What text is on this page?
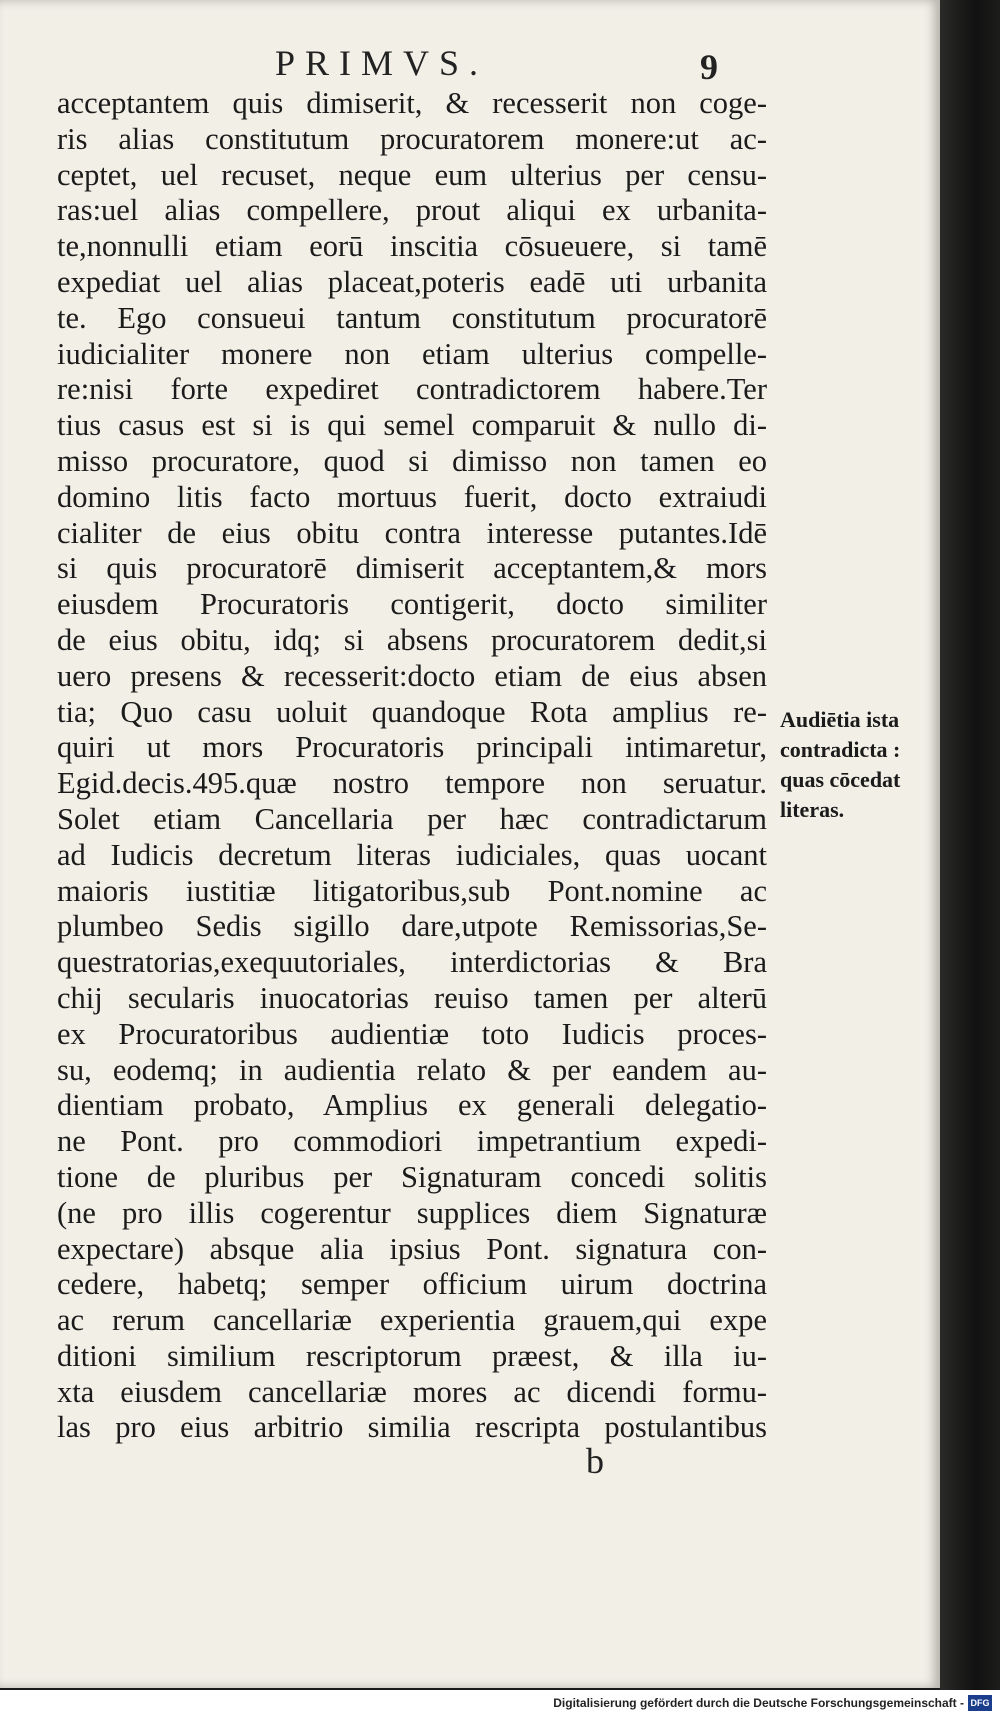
PRIMVS.	9
acceptantem quis dimiserit, & recesserit non coge-
ris alias constitutum procuratorem monere:ut ac-
ceptet, uel recuset, neque eum ulterius per censu-
ras:uel alias compellere, prout aliqui ex urbanita-
te,nonnulli etiam eorū inscitia cōsueuere, si tamē
expediat uel alias placeat,poteris eadē uti urbanita
te. Ego consueui tantum constitutum procuratorē
iudicialiter monere non etiam ulterius compelle-
re:nisi forte expediret contradictorem habere.Ter
tius casus est si is qui semel comparuit & nullo di-
misso procuratore, quod si dimisso non tamen eo
domino litis facto mortuus fuerit, docto extraiudi
cialiter de eius obitu contra interesse putantes.Idē
si quis procuratorē dimiserit acceptantem,& mors
eiusdem Procuratoris contigerit, docto similiter
de eius obitu, idq; si absens procuratorem dedit,si
uero presens & recesserit:docto etiam de eius absen
tia; Quo casu uoluit quandoque Rota amplius re-
quiri ut mors Procuratoris principali intimaretur,
Egid.decis.495.quæ nostro tempore non seruatur.
Solet etiam Cancellaria per hæc contradictarum
ad Iudicis decretum literas iudiciales, quas uocant
maioris iustitiæ litigatoribus,sub Pont.nomine ac
plumbeo Sedis sigillo dare,utpote Remissorias,Se-
questratorias,exequutoriales, interdictorias & Bra
chij secularis inuocatorias reuiso tamen per alterū
ex Procuratoribus audientiæ toto Iudicis proces-
su, eodemq; in audientia relato & per eandem au-
dientiam probato, Amplius ex generali delegatio-
ne Pont. pro commodiori impetrantium expedi-
tione de pluribus per Signaturam concedi solitis
(ne pro illis cogerentur supplices diem Signaturæ
expectare) absque alia ipsius Pont. signatura con-
cedere, habetq; semper officium uirum doctrina
ac rerum cancellariæ experientia grauem,qui expe
ditioni similium rescriptorum præest, & illa iu-
xta eiusdem cancellariæ mores ac dicendi formu-
las pro eius arbitrio similia rescripta postulantibus
Audiētia ista
contradicta :
quas cōcedat
literas.
b
Digitalisierung gefördert durch die Deutsche Forschungsgemeinschaft - DFG
